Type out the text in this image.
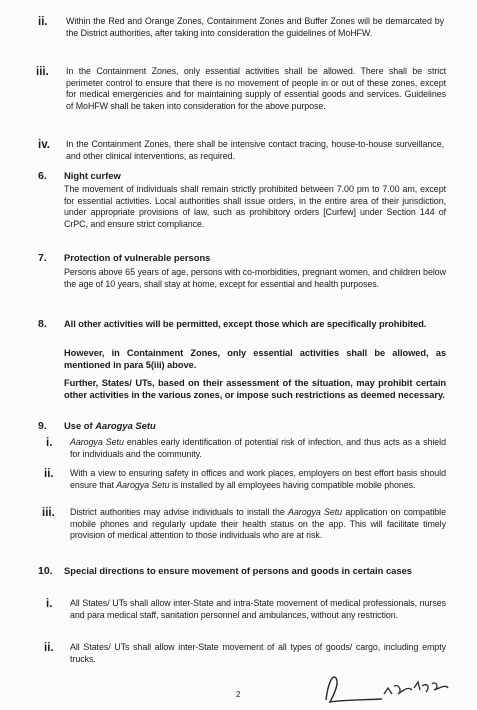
ii. Within the Red and Orange Zones, Containment Zones and Buffer Zones will be demarcated by the District authorities, after taking into consideration the guidelines of MoHFW.
iii. In the Containment Zones, only essential activities shall be allowed. There shall be strict perimeter control to ensure that there is no movement of people in or out of these zones, except for medical emergencies and for maintaining supply of essential goods and services. Guidelines of MoHFW shall be taken into consideration for the above purpose.
iv. In the Containment Zones, there shall be intensive contact tracing, house-to-house surveillance, and other clinical interventions, as required.
6. Night curfew
The movement of individuals shall remain strictly prohibited between 7.00 pm to 7.00 am, except for essential activities. Local authorities shall issue orders, in the entire area of their jurisdiction, under appropriate provisions of law, such as prohibitory orders [Curfew] under Section 144 of CrPC, and ensure strict compliance.
7. Protection of vulnerable persons
Persons above 65 years of age, persons with co-morbidities, pregnant women, and children below the age of 10 years, shall stay at home, except for essential and health purposes.
8. All other activities will be permitted, except those which are specifically prohibited.
However, in Containment Zones, only essential activities shall be allowed, as mentioned in para 5(iii) above.
Further, States/ UTs, based on their assessment of the situation, may prohibit certain other activities in the various zones, or impose such restrictions as deemed necessary.
9. Use of Aarogya Setu
i. Aarogya Setu enables early identification of potential risk of infection, and thus acts as a shield for individuals and the community.
ii. With a view to ensuring safety in offices and work places, employers on best effort basis should ensure that Aarogya Setu is installed by all employees having compatible mobile phones.
iii. District authorities may advise individuals to install the Aarogya Setu application on compatible mobile phones and regularly update their health status on the app. This will facilitate timely provision of medical attention to those individuals who are at risk.
10. Special directions to ensure movement of persons and goods in certain cases
i. All States/ UTs shall allow inter-State and intra-State movement of medical professionals, nurses and para medical staff, sanitation personnel and ambulances, without any restriction.
ii. All States/ UTs shall allow inter-State movement of all types of goods/ cargo, including empty trucks.
2
